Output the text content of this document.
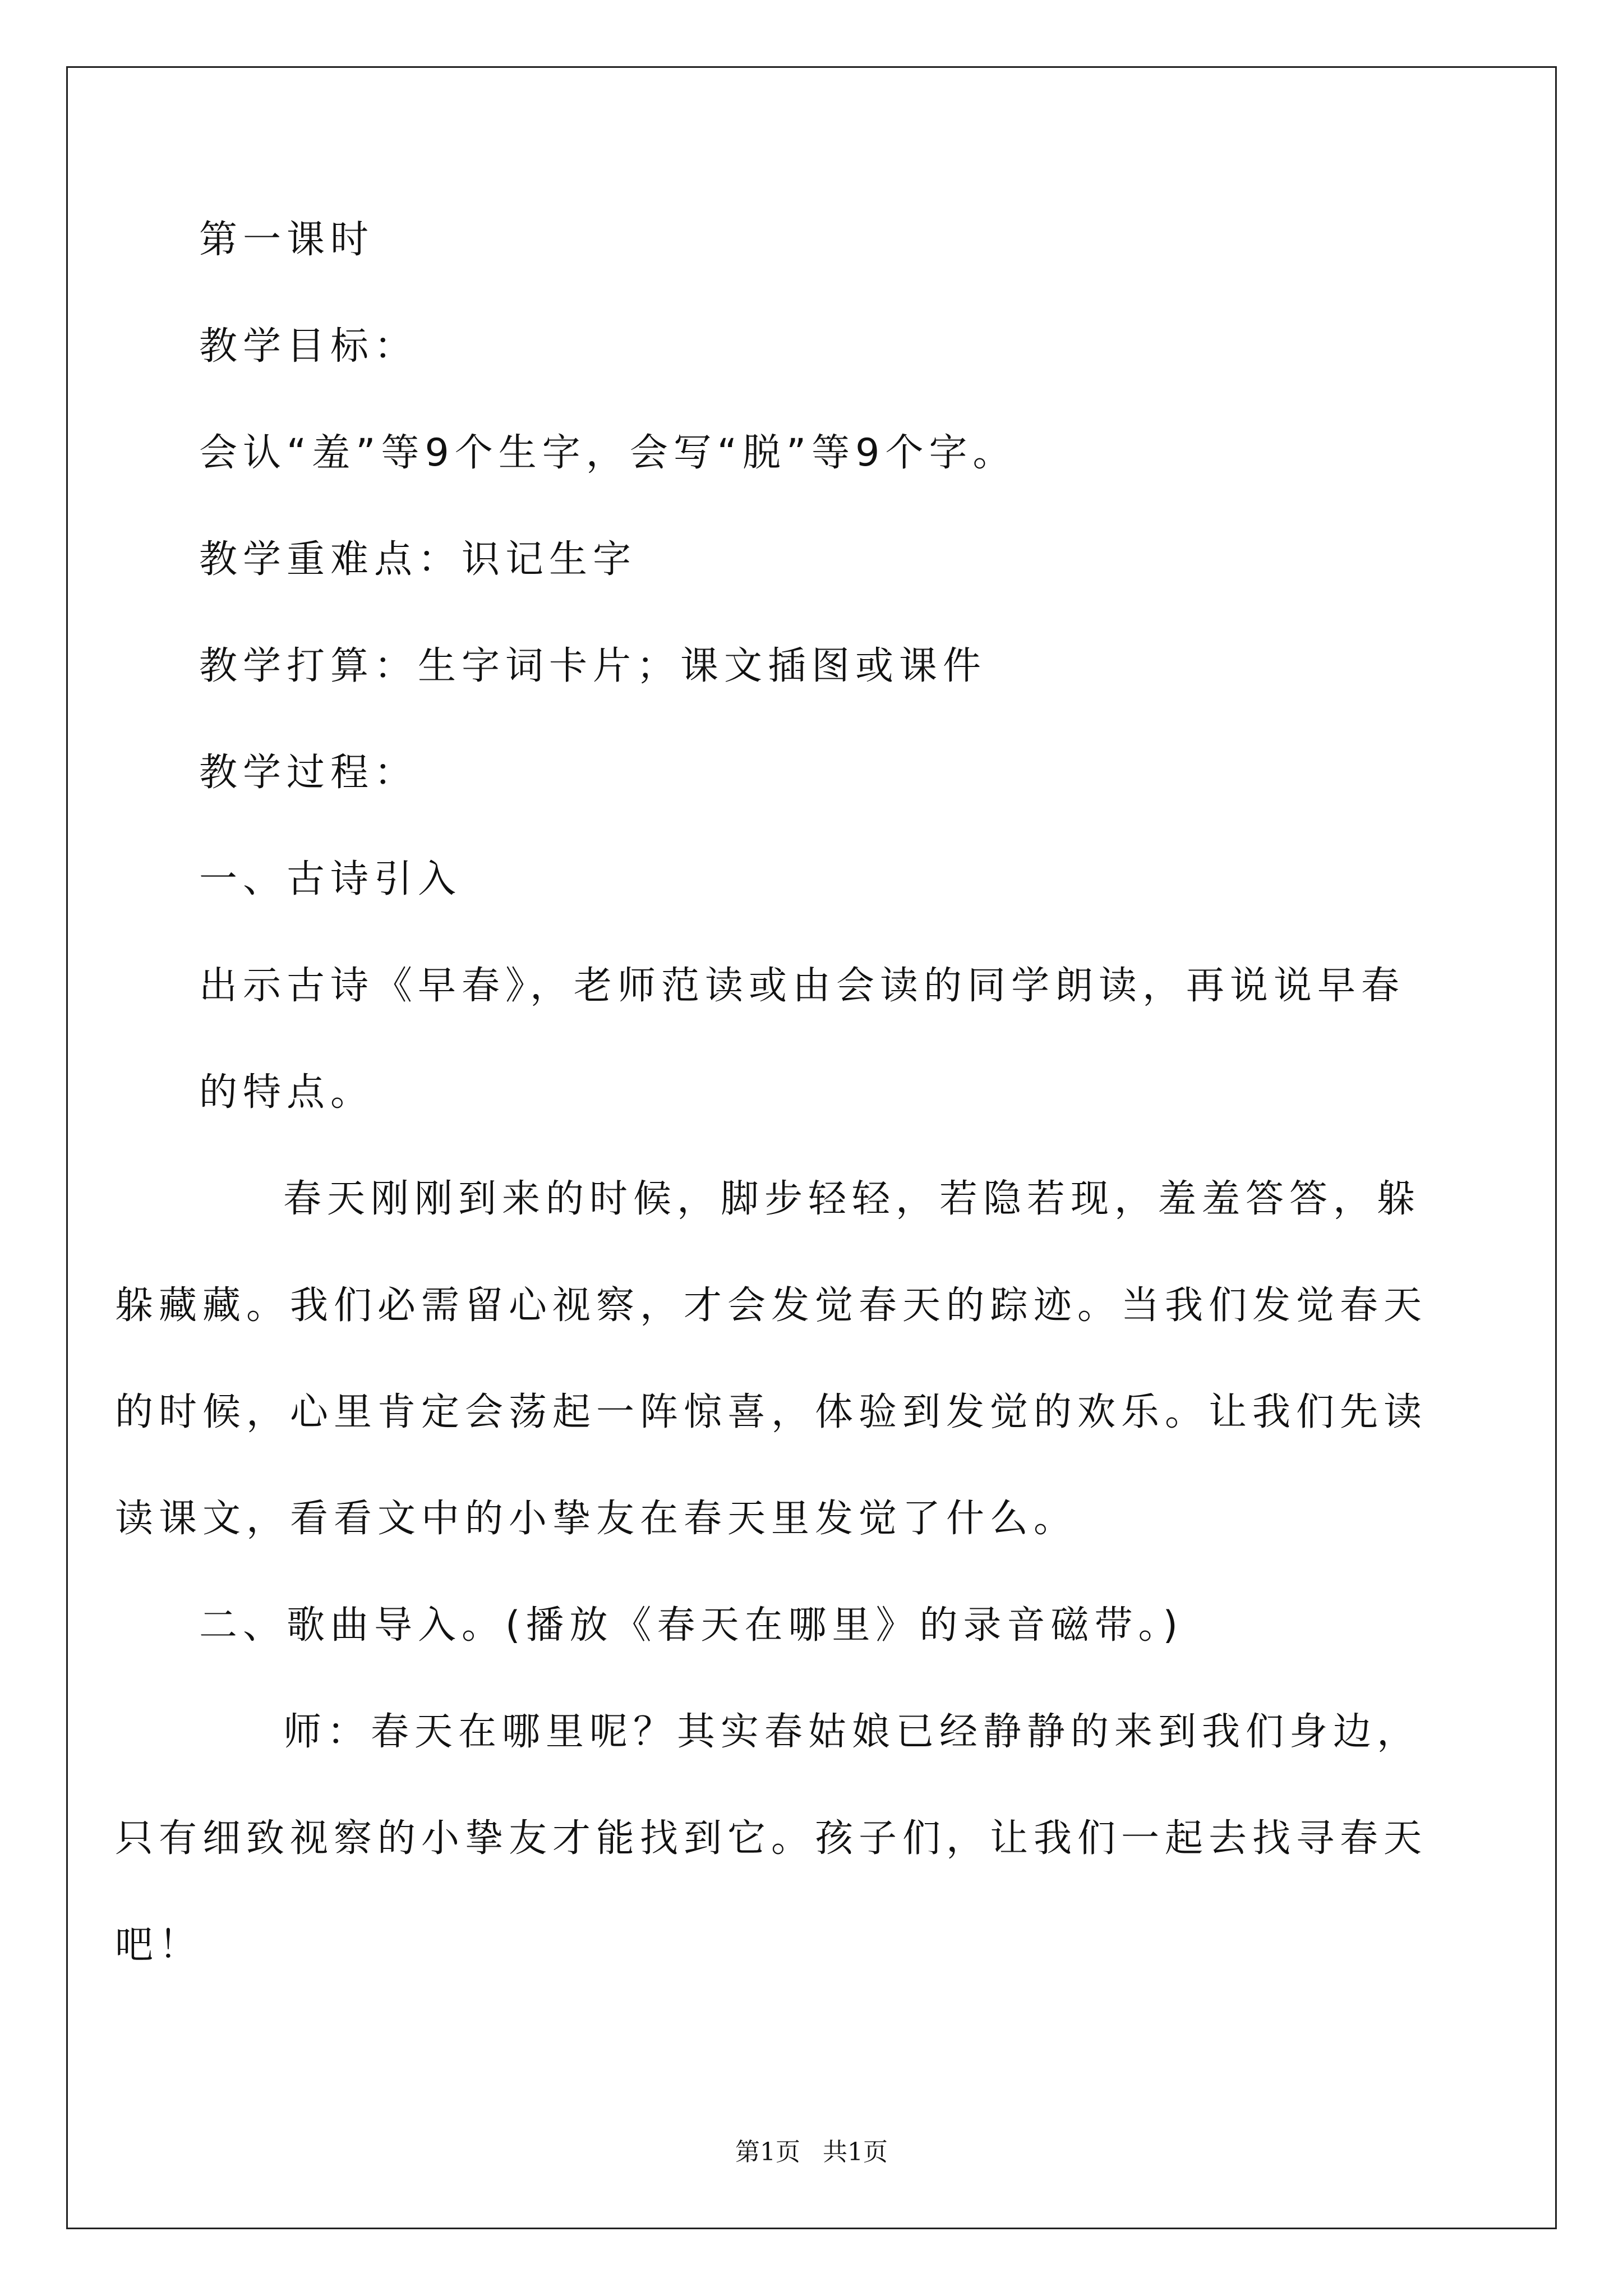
第一课时

教学目标：

会认“羞”等9个生字，会写“脱”等9个字。

教学重难点：识记生字

教学打算：生字词卡片；课文插图或课件

教学过程：

一、古诗引入

出示古诗《早春》，老师范读或由会读的同学朗读，再说说早春的特点。

春天刚刚到来的时候，脚步轻轻，若隐若现，羞羞答答，躲躲藏藏。我们必需留心视察，才会发觉春天的踪迹。当我们发觉春天的时候，心里肯定会荡起一阵惊喜，体验到发觉的欢乐。让我们先读读课文，看看文中的小挚友在春天里发觉了什么。

二、歌曲导入。(播放《春天在哪里》的录音磁带。)

师：春天在哪里呢？其实春姑娘已经静静的来到我们身边，只有细致视察的小挚友才能找到它。孩子们，让我们一起去找寻春天吧！

第1页 共1页
